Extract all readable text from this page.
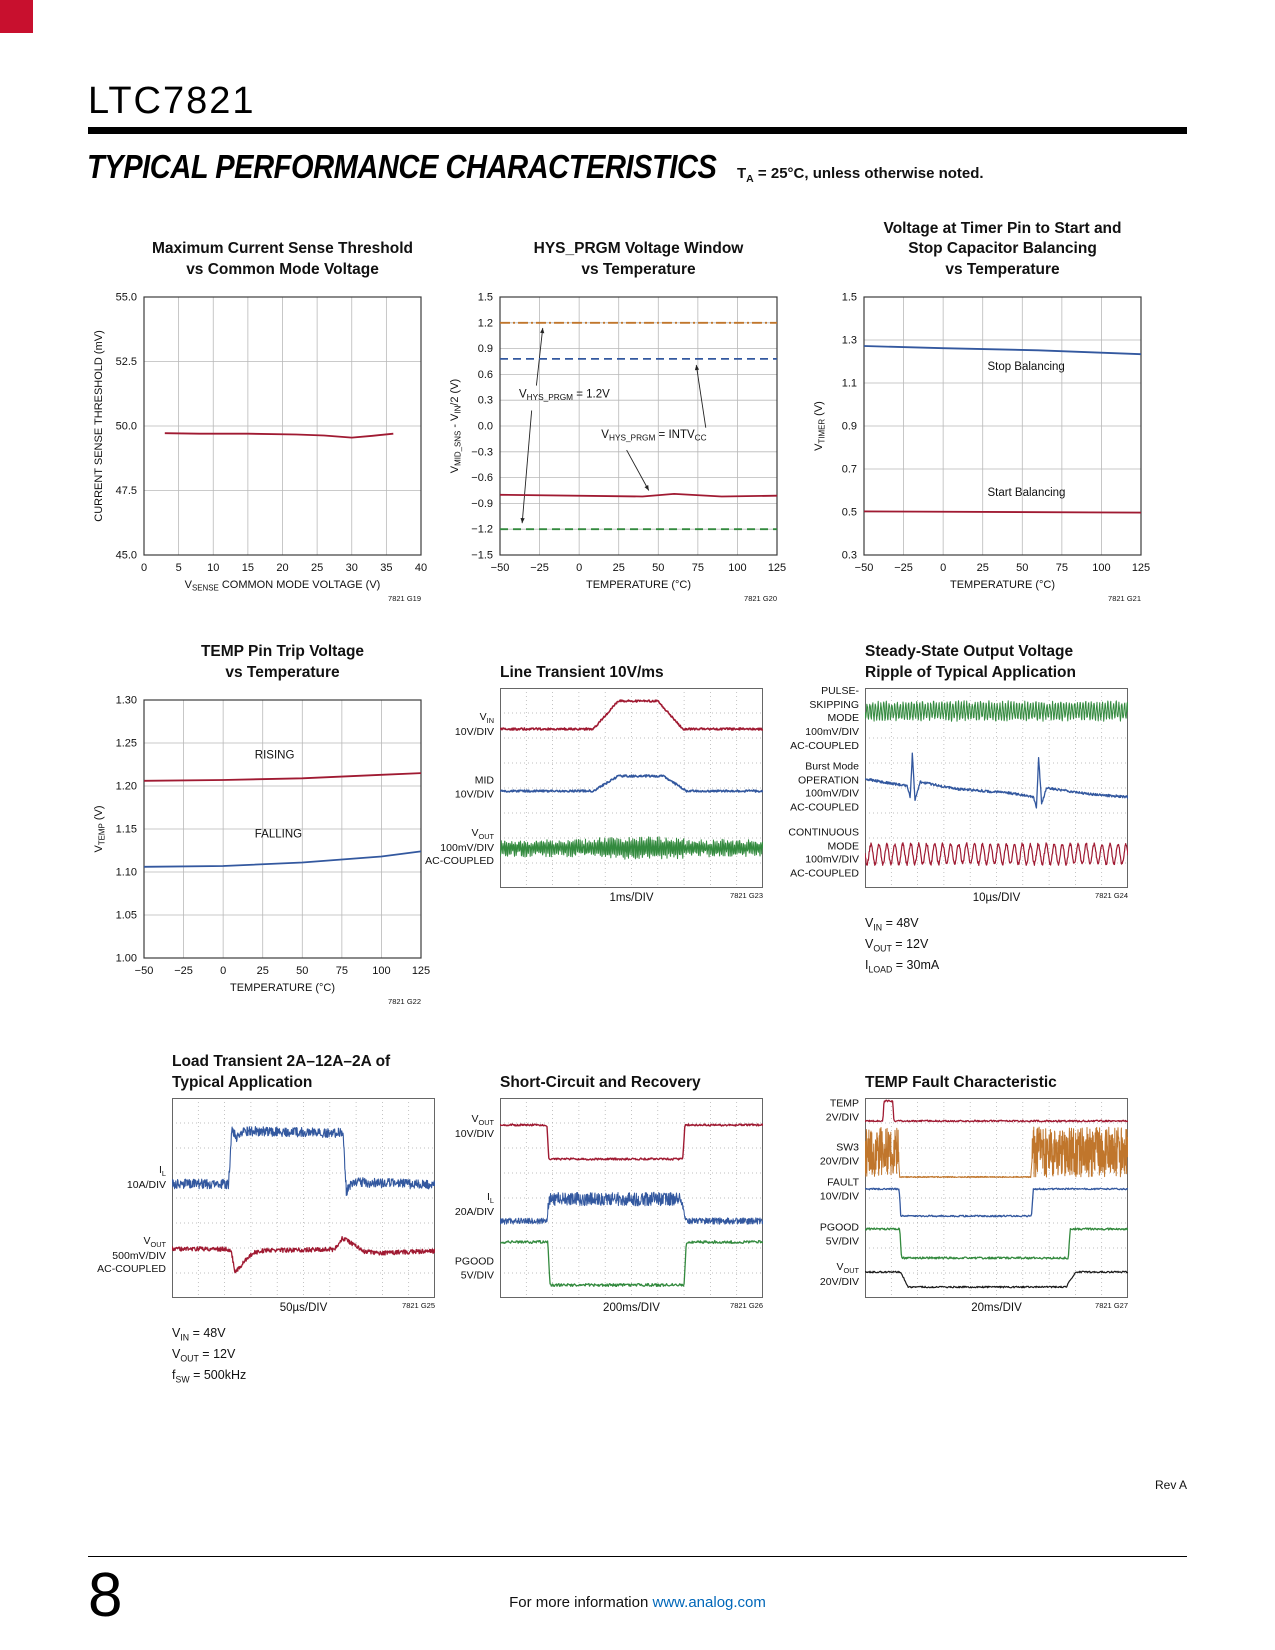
LTC7821
TYPICAL PERFORMANCE CHARACTERISTICS $T_A = 25^\circ C$, unless otherwise noted.
Maximum Current Sense Threshold
vs Common Mode Voltage
0	5 10 15 20 25 30 35 40
45.0
47.5
50.0
52.5
55.0
$V_{SENSE}$ COMMON MODE VOLTAGE (V)
CURRENT SENSE THRESHOLD (mV)
7821 G19
HYS_PRGM Voltage Window
vs Temperature
−50 −25 0	25 50 75 100 125
−1.5
−1.2
−0.9
−0.6
−0.3
0.0
0.3
0.6
0.9
1.2
1.5
TEMPERATURE (°C)
$V_{MID\_SNS} - V_{IN}/2$ (V)
7821 G20
$V_{HYS\_PRGM} = 1.2V$
$V_{HYS\_PRGM}$ = $INTV_{CC}$
Voltage at Timer Pin to Start and
Stop Capacitor Balancing
vs Temperature
−50 −25 0	25 50 75 100 125
0.3
0.5
0.7
0.9
1.1
1.3
1.5
TEMPERATURE (°C)
$V_{TIMER}$ (V)
7821 G21
Stop Balancing
Start Balancing
TEMP Pin Trip Voltage
vs Temperature
−50 −25 0	25 50 75 100 125
1.00
1.05
1.10
1.15
1.20
1.25
1.30
TEMPERATURE (°C)
$V_{TEMP}$ (V)
7821 G22
RISING
FALLING
Line Transient 10V/ms
$V_{IN}$
10V/DIV
MID
10V/DIV
$V_{OUT}$
100mV/DIV
AC-COUPLED
1ms/DIV	7821 G23
Steady-State Output Voltage
Ripple of Typical Application
PULSE-
SKIPPING
MODE
100mV/DIV
AC-COUPLED
Burst Mode
OPERATION
100mV/DIV
AC-COUPLED
CONTINUOUS
MODE
100mV/DIV
AC-COUPLED
10µs/DIV	7821 G24
$V_{IN} = 48V$
$V_{OUT} = 12V$
$I_{LOAD} = 30mA$
Load Transient 2A–12A–2A of
Typical Application
$I_L$
10A/DIV
$V_{OUT}$
500mV/DIV
AC-COUPLED
50µs/DIV	7821 G25
$V_{IN} = 48V$
$V_{OUT} = 12V$
$f_{SW} = 500kHz$
Short-Circuit and Recovery
$V_{OUT}$
10V/DIV
$I_L$
20A/DIV
PGOOD
5V/DIV
200ms/DIV	7821 G26
TEMP Fault Characteristic
TEMP
2V/DIV
SW3
20V/DIV
FAULT
10V/DIV
PGOOD
5V/DIV
$V_{OUT}$
20V/DIV
20ms/DIV	7821 G27
Rev A
8	For more information www.analog.com
